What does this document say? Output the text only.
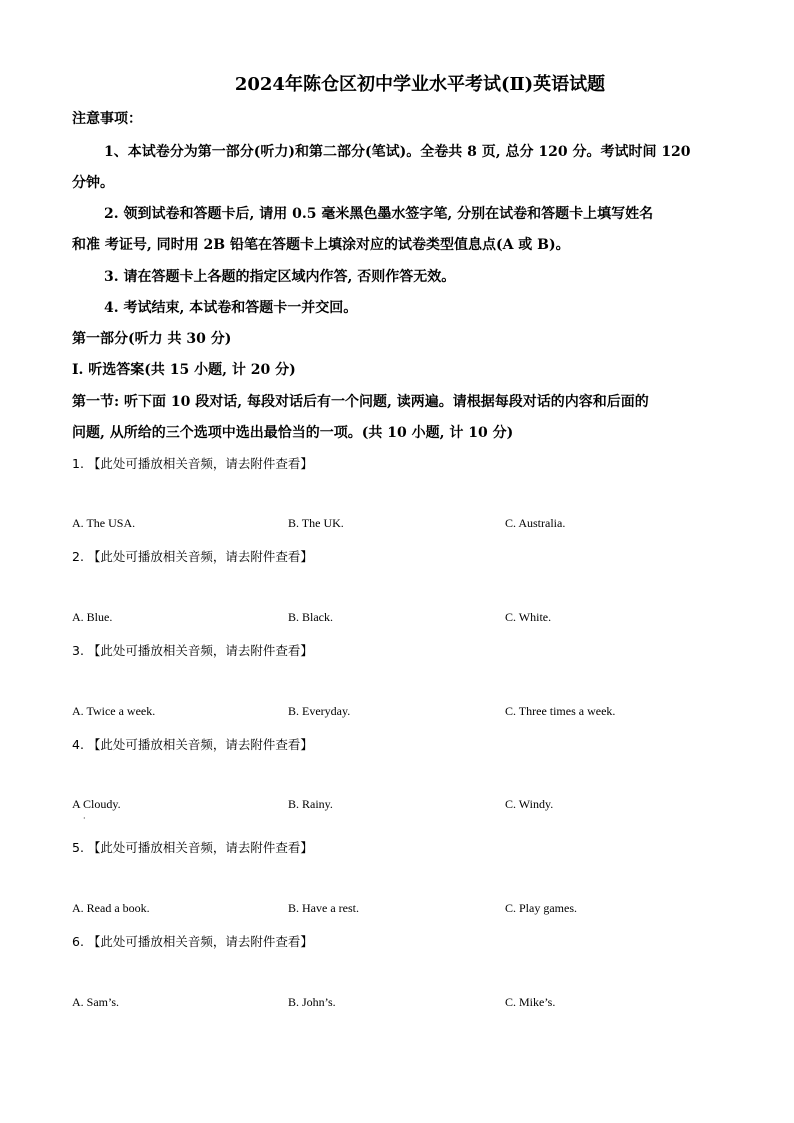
2024年陈仓区初中学业水平考试(Ⅱ)英语试题
注意事项：
1、本试卷分为第一部分(听力)和第二部分(笔试)。全卷共 8 页, 总分 120 分。考试时间 120
分钟。
2. 领到试卷和答题卡后, 请用 0.5 毫米黑色墨水签字笔, 分别在试卷和答题卡上填写姓名
和准 考证号, 同时用 2B 铅笔在答题卡上填涂对应的试卷类型值息点(A 或 B)。
3. 请在答题卡上各题的指定区域内作答, 否则作答无效。
4. 考试结束, 本试卷和答题卡一并交回。
第一部分(听力 共 30 分)
I. 听选答案(共 15 小题, 计 20 分)
第一节: 听下面 10 段对话, 每段对话后有一个问题, 读两遍。请根据每段对话的内容和后面的
问题, 从所给的三个选项中选出最恰当的一项。(共 10 小题, 计 10 分)
1. 【此处可播放相关音频，请去附件查看】
A. The USA.	B. The UK.	C. Australia.
2. 【此处可播放相关音频，请去附件查看】
A. Blue.	B. Black.	C. White.
3. 【此处可播放相关音频，请去附件查看】
A. Twice a week.	B. Everyday.	C. Three times a week.
4. 【此处可播放相关音频，请去附件查看】
A Cloudy.	B. Rainy.	C. Windy.
·
5. 【此处可播放相关音频，请去附件查看】
A. Read a book.	B. Have a rest.	C. Play games.
6. 【此处可播放相关音频，请去附件查看】
A. Sam’s.	B. John’s.	C. Mike’s.
